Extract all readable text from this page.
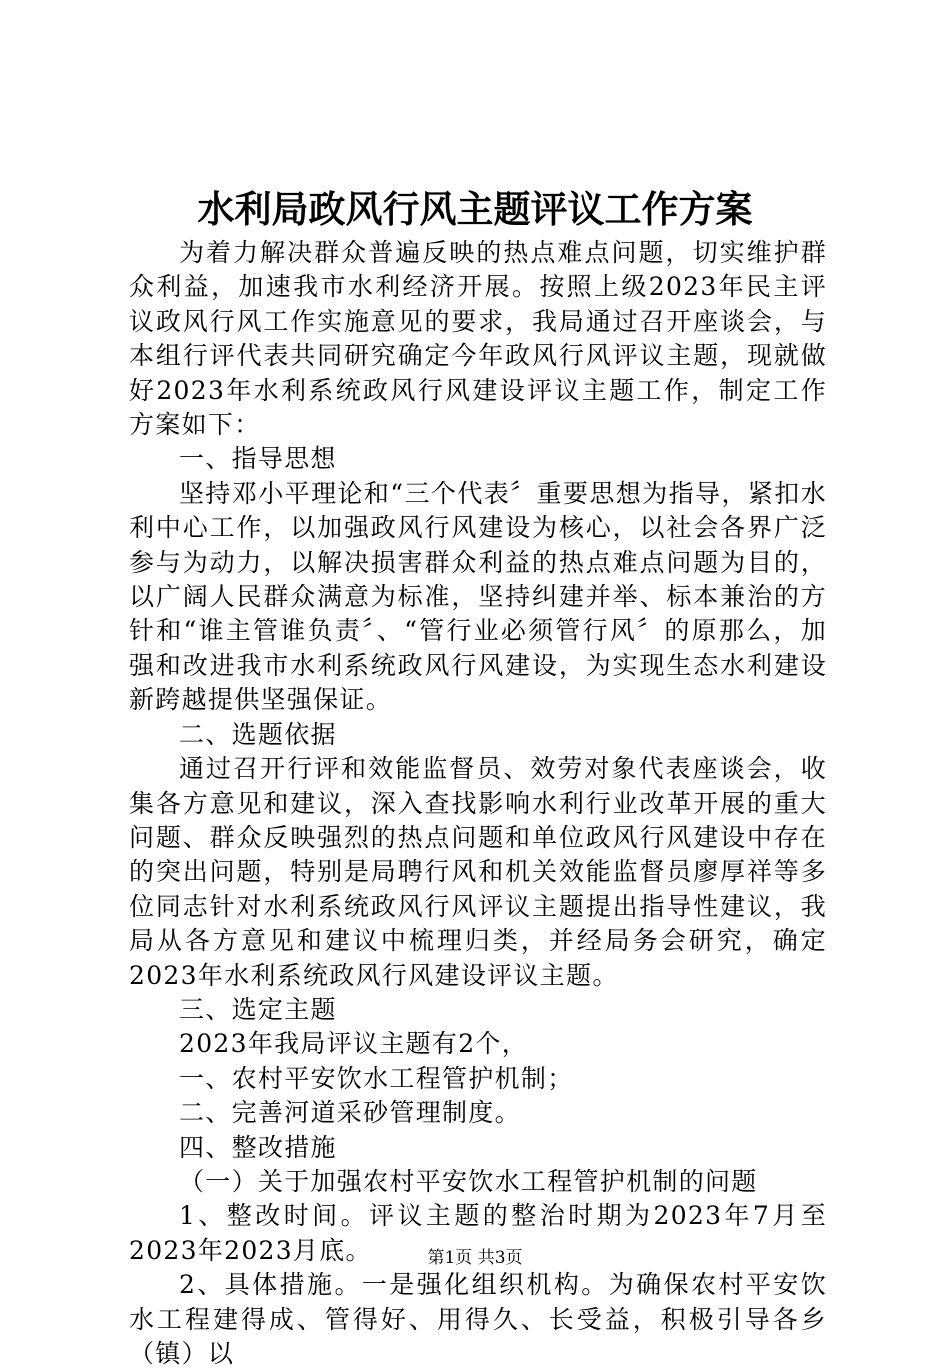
水利局政风行风主题评议工作方案

为着力解决群众普遍反映的热点难点问题，切实维护群众利益，加速我市水利经济开展。按照上级2023年民主评议政风行风工作实施意见的要求，我局通过召开座谈会，与本组行评代表共同研究确定今年政风行风评议主题，现就做好2023年水利系统政风行风建设评议主题工作，制定工作方案如下：

一、指导思想

坚持邓小平理论和“三个代表〞重要思想为指导，紧扣水利中心工作，以加强政风行风建设为核心，以社会各界广泛参与为动力，以解决损害群众利益的热点难点问题为目的，以广阔人民群众满意为标准，坚持纠建并举、标本兼治的方针和“谁主管谁负责〞、“管行业必须管行风〞的原那么，加强和改进我市水利系统政风行风建设，为实现生态水利建设新跨越提供坚强保证。

二、选题依据

通过召开行评和效能监督员、效劳对象代表座谈会，收集各方意见和建议，深入查找影响水利行业改革开展的重大问题、群众反映强烈的热点问题和单位政风行风建设中存在的突出问题，特别是局聘行风和机关效能监督员廖厚祥等多位同志针对水利系统政风行风评议主题提出指导性建议，我局从各方意见和建议中梳理归类，并经局务会研究，确定2023年水利系统政风行风建设评议主题。

三、选定主题

2023年我局评议主题有2个，

一、农村平安饮水工程管护机制；

二、完善河道采砂管理制度。

四、整改措施

（一）关于加强农村平安饮水工程管护机制的问题

1、整改时间。评议主题的整治时期为2023年7月至2023年2023月底。

2、具体措施。一是强化组织机构。为确保农村平安饮水工程建得成、管得好、用得久、长受益，积极引导各乡（镇）以

第1页 共3页
